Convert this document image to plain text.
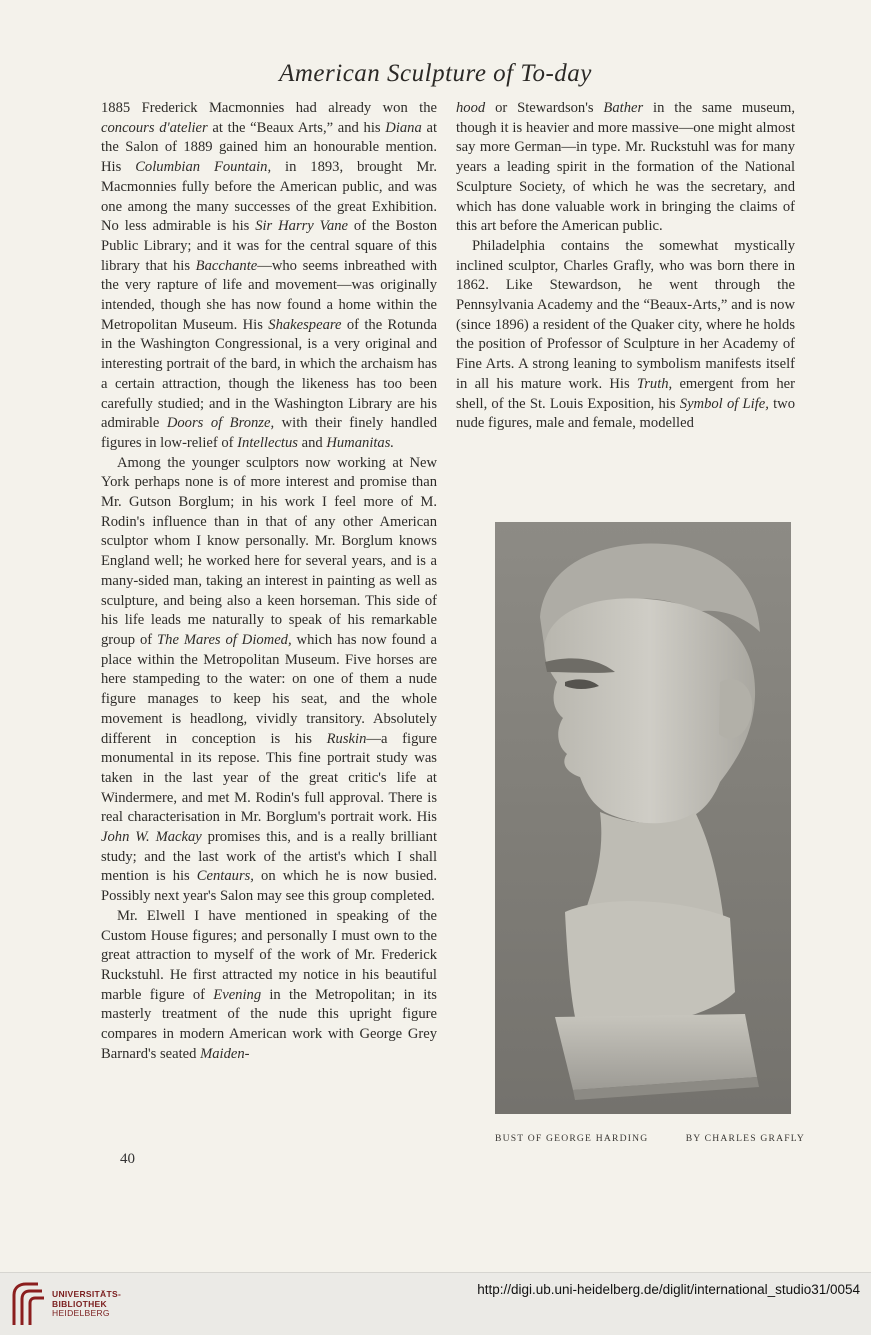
American Sculpture of To-day

1885 Frederick Macmonnies had already won the concours d'atelier at the “Beaux Arts,” and his Diana at the Salon of 1889 gained him an honourable mention. His Columbian Fountain, in 1893, brought Mr. Macmonnies fully before the American public, and was one among the many successes of the great Exhibition. No less admirable is his Sir Harry Vane of the Boston Public Library; and it was for the central square of this library that his Bacchante—who seems inbreathed with the very rapture of life and movement—was originally intended, though she has now found a home within the Metropolitan Museum. His Shakespeare of the Rotunda in the Washington Congressional, is a very original and interesting portrait of the bard, in which the archaism has a certain attraction, though the likeness has too been carefully studied; and in the Washington Library are his admirable Doors of Bronze, with their finely handled figures in low-relief of Intellectus and Humanitas.

Among the younger sculptors now working at New York perhaps none is of more interest and promise than Mr. Gutson Borglum; in his work I feel more of M. Rodin's influence than in that of any other American sculptor whom I know personally. Mr. Borglum knows England well; he worked here for several years, and is a many-sided man, taking an interest in painting as well as sculpture, and being also a keen horseman. This side of his life leads me naturally to speak of his remarkable group of The Mares of Diomed, which has now found a place within the Metropolitan Museum. Five horses are here stampeding to the water: on one of them a nude figure manages to keep his seat, and the whole movement is headlong, vividly transitory. Absolutely different in conception is his Ruskin—a figure monumental in its repose. This fine portrait study was taken in the last year of the great critic's life at Windermere, and met M. Rodin's full approval. There is real characterisation in Mr. Borglum's portrait work. His John W. Mackay promises this, and is a really brilliant study; and the last work of the artist's which I shall mention is his Centaurs, on which he is now busied. Possibly next year's Salon may see this group completed.

Mr. Elwell I have mentioned in speaking of the Custom House figures; and personally I must own to the great attraction to myself of the work of Mr. Frederick Ruckstuhl. He first attracted my notice in his beautiful marble figure of Evening in the Metropolitan; in its masterly treatment of the nude this upright figure compares in modern American work with George Grey Barnard's seated Maiden-

hood or Stewardson's Bather in the same museum, though it is heavier and more massive—one might almost say more German—in type. Mr. Ruckstuhl was for many years a leading spirit in the formation of the National Sculpture Society, of which he was the secretary, and which has done valuable work in bringing the claims of this art before the American public.

Philadelphia contains the somewhat mystically inclined sculptor, Charles Grafly, who was born there in 1862. Like Stewardson, he went through the Pennsylvania Academy and the “Beaux-Arts,” and is now (since 1896) a resident of the Quaker city, where he holds the position of Professor of Sculpture in her Academy of Fine Arts. A strong leaning to symbolism manifests itself in all his mature work. His Truth, emergent from her shell, of the St. Louis Exposition, his Symbol of Life, two nude figures, male and female, modelled

BUST OF GEORGE HARDING	BY CHARLES GRAFLY
40
UNIVERSITÄTS-
BIBLIOTHEK
HEIDELBERG
http://digi.ub.uni-heidelberg.de/diglit/international_studio31/0054
